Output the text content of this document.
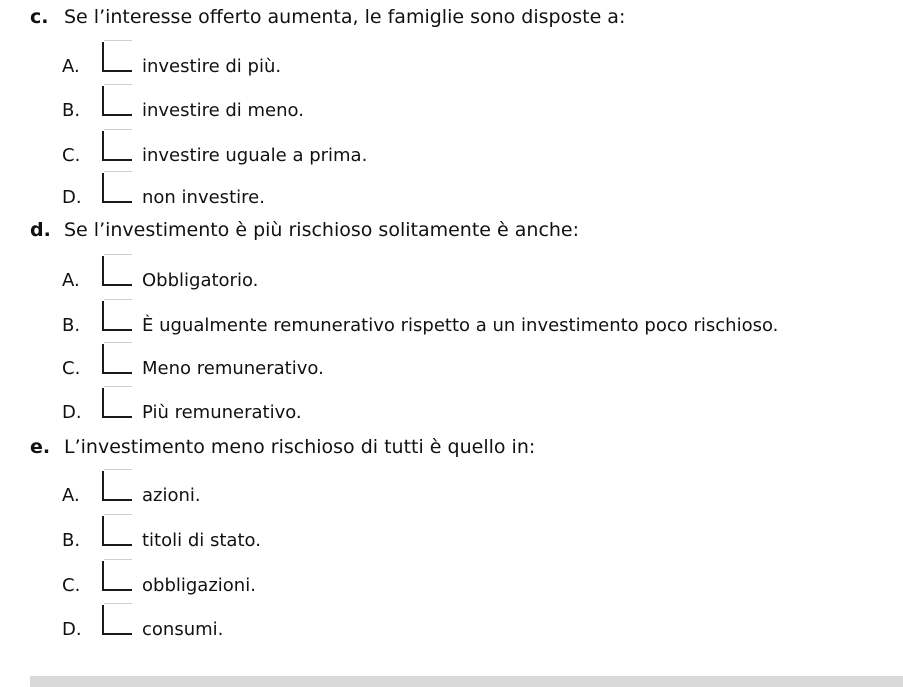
c. Se l’interesse offerto aumenta, le famiglie sono disposte a:
A.	investire di più.
B.	investire di meno.
C.	investire uguale a prima.
D.	non investire.
d. Se l’investimento è più rischioso solitamente è anche:
A.	Obbligatorio.
B.	È ugualmente remunerativo rispetto a un investimento poco rischioso.
C.	Meno remunerativo.
D.	Più remunerativo.
e. L’investimento meno rischioso di tutti è quello in:
A.	azioni.
B.	titoli di stato.
C.	obbligazioni.
D.	consumi.
